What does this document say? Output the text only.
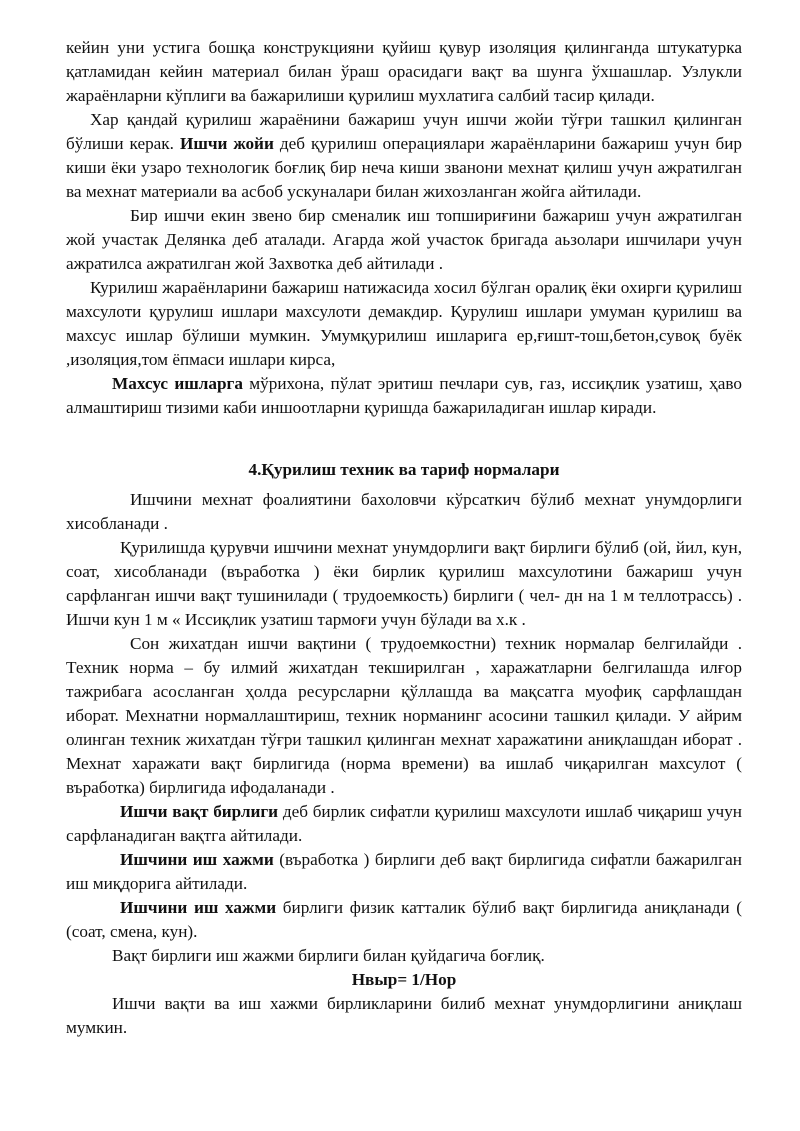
кейин уни устига бошқа конструкцияни қуйиш қувур изоляция қилинганда штукатурка қатламидан кейин материал билан ўраш орасидаги вақт ва шунга ўхшашлар. Узлукли жараёнларни кўплиги ва бажарилиши қурилиш мухлатига салбий тасир қилади.

Хар қандай қурилиш жараёнини бажариш учун ишчи жойи тўғри ташкил қилинган бўлиши керак. Ишчи жойи деб қурилиш операциялари жараёнларини бажариш учун бир киши ёки узаро технологик боғлиқ бир неча киши званони мехнат қилиш учун ажратилган ва мехнат материали ва асбоб ускуналари билан жихозланган жойга айтилади.

Бир ишчи екин звено бир сменалик иш топшириғини бажариш учун ажратилган жой участак Делянка деб аталади. Агарда жой участок бригада аьзолари ишчилари учун ажратилса ажратилган жой Захвотка деб айтилади .

Курилиш жараёнларини бажариш натижасида хосил бўлган оралиқ ёки охирги қурилиш махсулоти қурулиш ишлари махсулоти демакдир. Қурулиш ишлари умуман қурилиш ва махсус ишлар бўлиши мумкин. Умумқурилиш ишларига ер,ғишт-тош,бетон,сувоқ буёк ,изоляция,том ёпмаси ишлари кирса,

Махсус ишларга мўрихона, пўлат эритиш печлари сув, газ, иссиқлик узатиш, ҳаво алмаштириш тизими каби иншоотларни қуришда бажариладиган ишлар киради.

4.Қурилиш техник ва тариф нормалари

Ишчини мехнат фоалиятини бахоловчи кўрсаткич бўлиб мехнат унумдорлиги хисобланади .

Қурилишда қурувчи ишчини мехнат унумдорлиги вақт бирлиги бўлиб (ой, йил, кун, соат, хисобланади (въработка ) ёки бирлик қурилиш махсулотини бажариш учун сарфланган ишчи вақт тушинилади ( трудоемкость) бирлиги ( чел- дн на 1 м теллотрассь) . Ишчи кун 1 м « Иссиқлик узатиш тармоғи учун бўлади ва х.к .

Сон жихатдан ишчи вақтини ( трудоемкостни) техник нормалар белгилайди . Техник норма – бу илмий жихатдан текширилган , харажатларни белгилашда илғор тажрибага асосланган ҳолда ресурсларни қўллашда ва мақсатга муофиқ сарфлашдан иборат. Мехнатни нормаллаштириш, техник норманинг асосини ташкил қилади. У айрим олинган техник жихатдан тўғри ташкил қилинган мехнат харажатини аниқлашдан иборат . Мехнат харажати вақт бирлигида (норма времени) ва ишлаб чиқарилган махсулот ( въработка) бирлигида ифодаланади .

Ишчи вақт бирлиги деб бирлик сифатли қурилиш махсулоти ишлаб чиқариш учун сарфланадиган вақтга айтилади.

Ишчини иш хажми (въработка ) бирлиги деб вақт бирлигида сифатли бажарилган иш миқдорига айтилади.

Ишчини иш хажми бирлиги физик катталик бўлиб вақт бирлигида аниқланади ( (соат, смена, кун).

Вақт бирлиги иш жажми бирлиги билан қуйдагича боғлиқ.

Нвыр= 1/Нор

Ишчи вақти ва иш хажми бирликларини билиб мехнат унумдорлигини аниқлаш мумкин.
